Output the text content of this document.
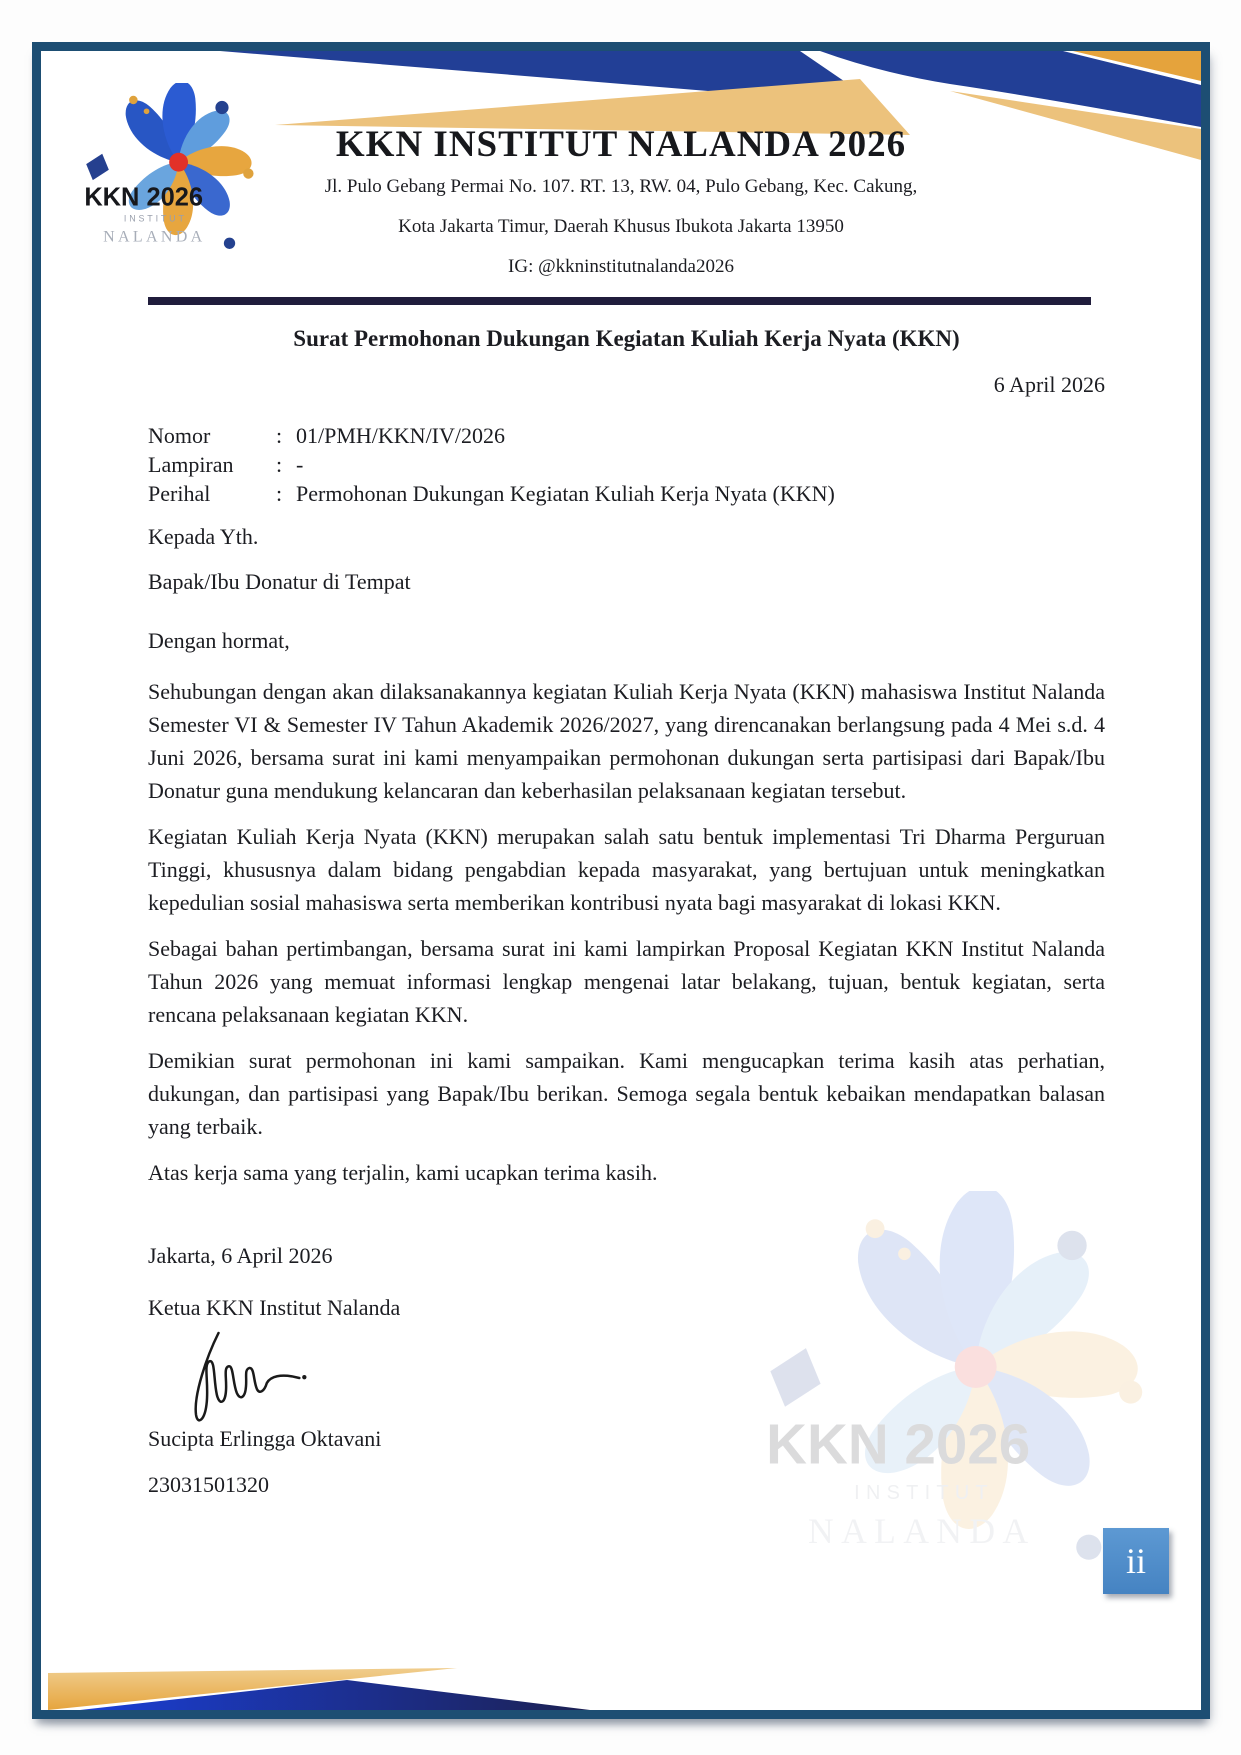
KKN INSTITUT NALANDA 2026
Jl. Pulo Gebang Permai No. 107. RT. 13, RW. 04, Pulo Gebang, Kec. Cakung,
Kota Jakarta Timur, Daerah Khusus Ibukota Jakarta 13950
IG: @kkninstitutnalanda2026
Surat Permohonan Dukungan Kegiatan Kuliah Kerja Nyata (KKN)
6 April 2026
Nomor	: 01/PMH/KKN/IV/2026
Lampiran	: -
Perihal	: Permohonan Dukungan Kegiatan Kuliah Kerja Nyata (KKN)
Kepada Yth.
Bapak/Ibu Donatur di Tempat
Dengan hormat,
Sehubungan dengan akan dilaksanakannya kegiatan Kuliah Kerja Nyata (KKN) mahasiswa Institut Nalanda Semester VI & Semester IV Tahun Akademik 2026/2027, yang direncanakan berlangsung pada 4 Mei s.d. 4 Juni 2026, bersama surat ini kami menyampaikan permohonan dukungan serta partisipasi dari Bapak/Ibu Donatur guna mendukung kelancaran dan keberhasilan pelaksanaan kegiatan tersebut.
Kegiatan Kuliah Kerja Nyata (KKN) merupakan salah satu bentuk implementasi Tri Dharma Perguruan Tinggi, khususnya dalam bidang pengabdian kepada masyarakat, yang bertujuan untuk meningkatkan kepedulian sosial mahasiswa serta memberikan kontribusi nyata bagi masyarakat di lokasi KKN.
Sebagai bahan pertimbangan, bersama surat ini kami lampirkan Proposal Kegiatan KKN Institut Nalanda Tahun 2026 yang memuat informasi lengkap mengenai latar belakang, tujuan, bentuk kegiatan, serta rencana pelaksanaan kegiatan KKN.
Demikian surat permohonan ini kami sampaikan. Kami mengucapkan terima kasih atas perhatian, dukungan, dan partisipasi yang Bapak/Ibu berikan. Semoga segala bentuk kebaikan mendapatkan balasan yang terbaik.
Atas kerja sama yang terjalin, kami ucapkan terima kasih.
Jakarta, 6 April 2026
Ketua KKN Institut Nalanda
Sucipta Erlingga Oktavani
23031501320
ii
